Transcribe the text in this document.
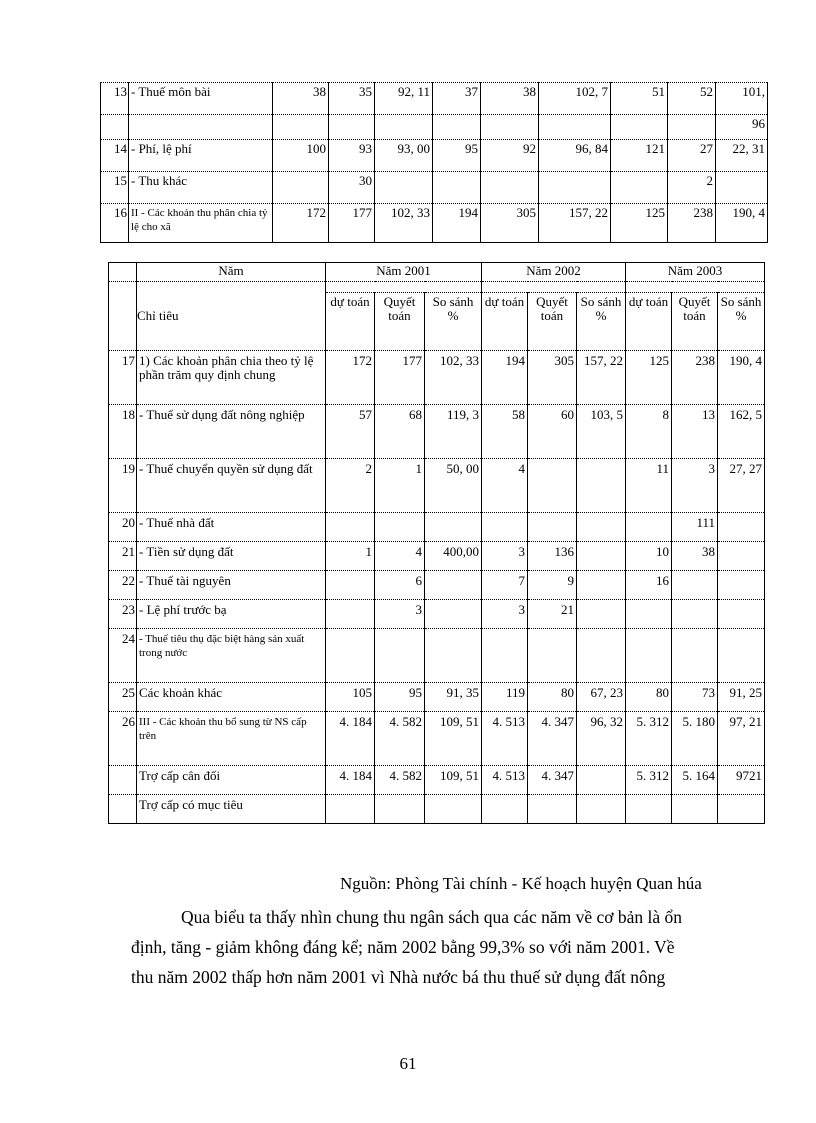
13	- Thuế môn bài	38	35	92, 11	37	38	102, 7	51	52	101,
										96
14	- Phí, lệ phí	100	93	93, 00	95	92	96, 84	121	27	22, 31
15	- Thu khác		30						2	
16	II - Các khoản thu phân chia tỷ lệ cho xã	172	177	102, 33	194	305	157, 22	125	238	190, 4
	Năm	Năm 2001			Năm 2002			Năm 2003		
	Chỉ tiêu									
		dự toán	Quyết toán	So sánh %	dự toán	Quyết toán	So sánh %	dự toán	Quyết toán	So sánh %
17	1) Các khoản phân chia theo tỷ lệ phần trăm quy định chung	172	177	102, 33	194	305	157, 22	125	238	190, 4
18	- Thuế sử dụng đất nông nghiệp	57	68	119, 3	58	60	103, 5	8	13	162, 5
19	- Thuế chuyển quyền sử dụng đất	2	1	50, 00	4			11	3	27, 27
20	- Thuế nhà đất								111	
21	- Tiền sử dụng đất	1	4	400,00	3	136		10	38	
22	- Thuế tài nguyên		6		7	9		16		
23	- Lệ phí trước bạ		3		3	21				
24	- Thuế tiêu thụ đặc biệt hàng sản xuất trong nước									
25	Các khoản khác	105	95	91, 35	119	80	67, 23	80	73	91, 25
26	III - Các khoản thu bổ sung từ NS cấp trên	4. 184	4. 582	109, 51	4. 513	4. 347	96, 32	5. 312	5. 180	97, 21
	Trợ cấp cân đối	4. 184	4. 582	109, 51	4. 513	4. 347		5. 312	5. 164	9721
	Trợ cấp có mục tiêu									
Nguồn: Phòng Tài chính - Kế hoạch huyện Quan húa
Qua biểu ta thấy nhìn chung thu ngân sách qua các năm về cơ bản là ổn
định, tăng - giảm không đáng kể; năm 2002 bằng 99,3% so với năm 2001. Về
thu năm 2002 thấp hơn năm 2001 vì Nhà nước bá thu thuế sử dụng đất nông
61
